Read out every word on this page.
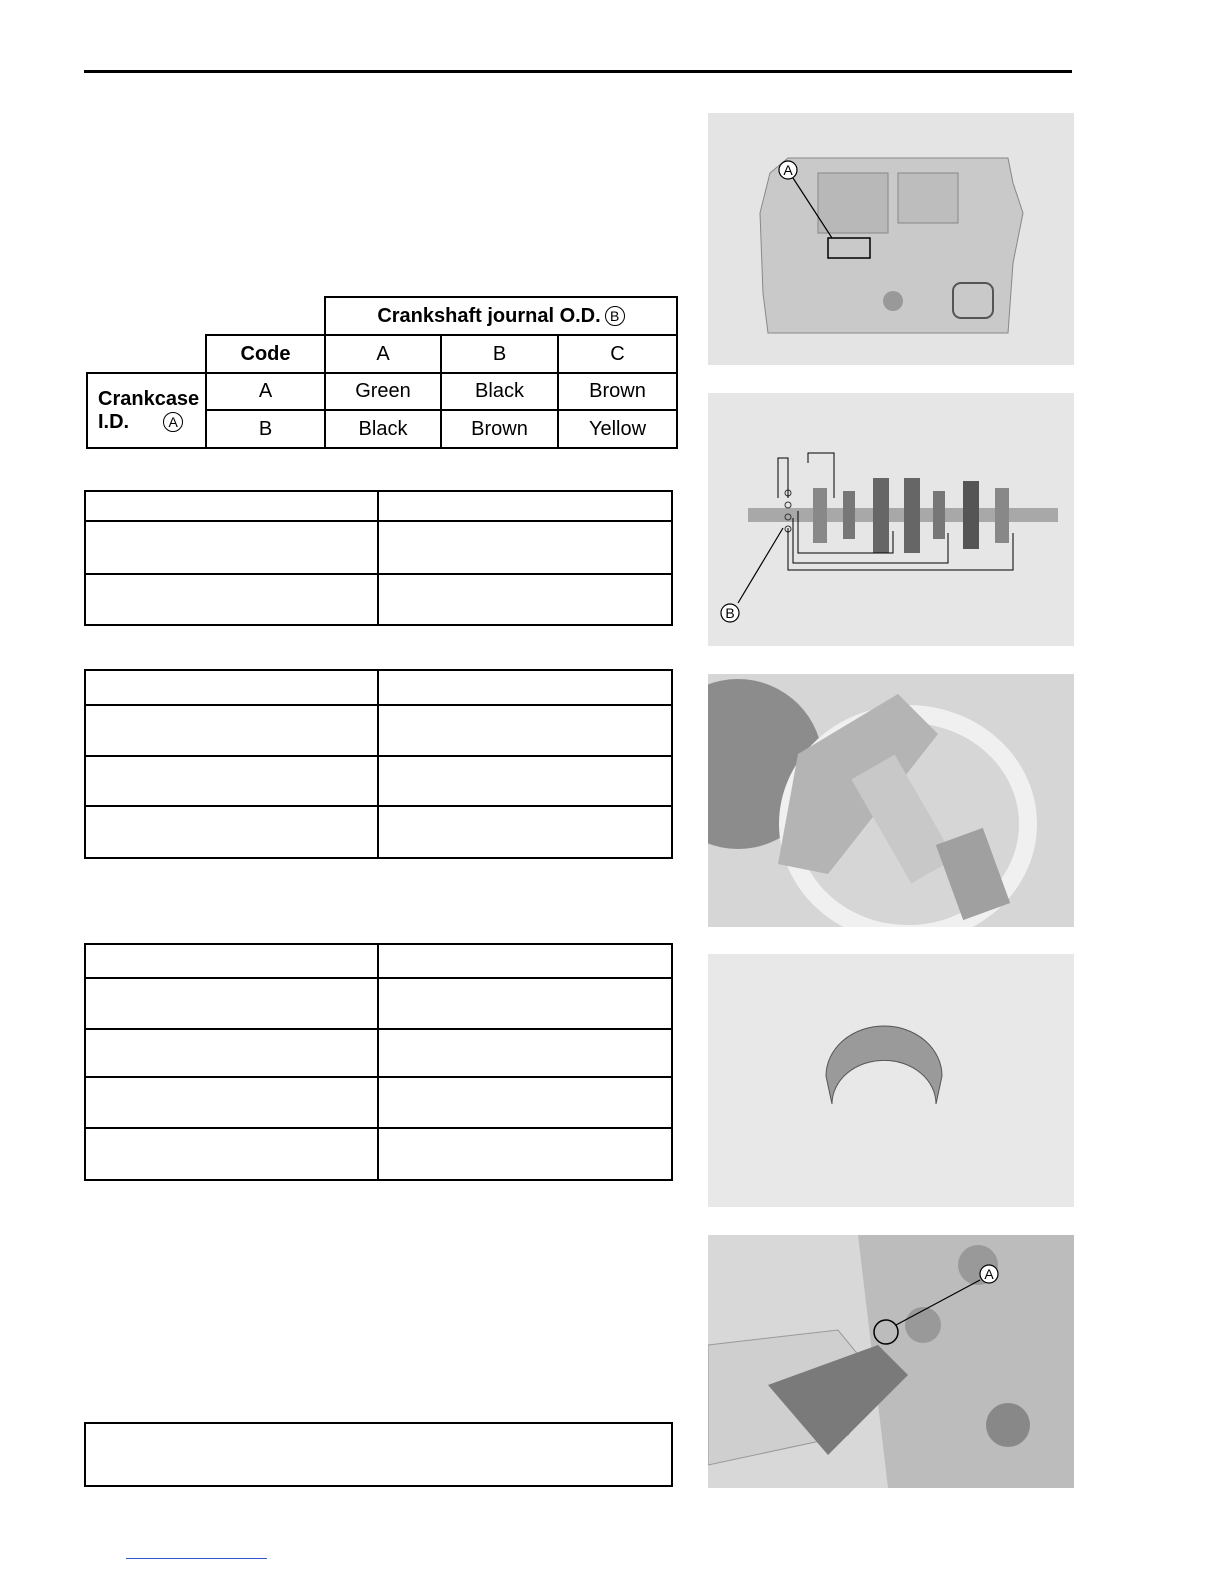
Crankshaft journal O.D. B
Code	A	B	C
Crankcase
I.D.	A
A	Green	Black	Brown
B	Black	Brown	Yellow
A
B
A
